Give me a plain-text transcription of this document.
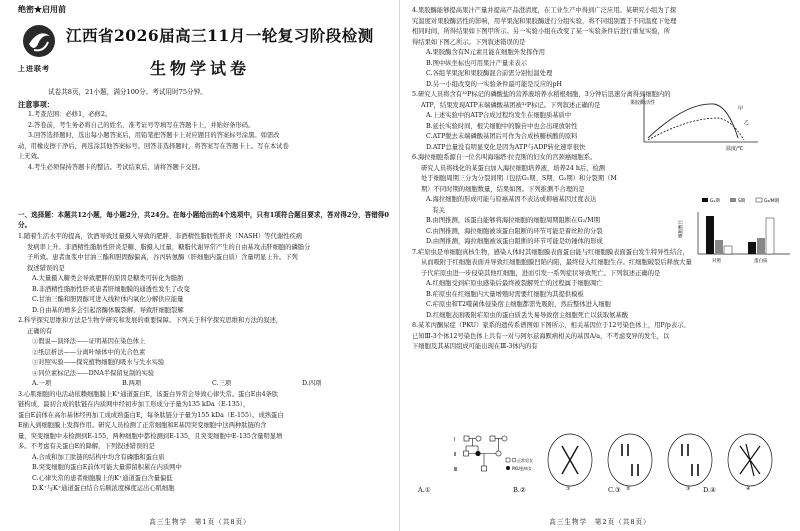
绝密★启用前
上进联考
江西省2026届高三11月一轮复习阶段检测
生物学试卷
试卷共8页，21小题，满分100分。考试用时75分钟。
注意事项：
1.考查范围：必修1，必修2。
2.答卷前，考生务必将自己的姓名、准考证号等填写在答题卡上，并贴好条形码。
3.回答选择题时，选出每小题答案后，用铅笔把答题卡上对应题目的答案标号涂黑。如需改
动，用橡皮擦干净后，再选涂其他答案标号。回答非选择题时，将答案写在答题卡上。写在本试卷
上无效。
4.考生必须保持答题卡的整洁。考试结束后，请将答题卡交回。
一、选择题：本题共12小题，每小题2分，共24分。在每小题给出的4个选项中，只有1项符合题目要求，答对得2分，答错得0分。
1.随着生活水平的提高，饮酒导致过量摄入导致的肥胖、非酒精性脂肪性肝炎（NASH）等代谢性疾病
发病率上升。非酒精性脂肪性肝炎是糖、脂摄入过量，糖脂代谢异常产生的自由基攻击肝细胞的磷脂分
子所致。患者血浆中甘油三酯和胆固醇偏高，谷丙转氨酶（肝细胞内蛋白质）含量明显上升。下列
叙述错误的是
A.大量摄入糖类会导致肥胖的原因是糖类可转化为脂肪
B.非酒精性脂肪性肝炎患者肝细胞膜的通透性发生了改变
C.甘油三酯和胆固醇可进入线粒体内氧化分解供应能量
D.自由基的增多会引起溶酶体膜裂解，导致肝细胞裂解
2.科学探究思维和方法是生物学研究和发展的重要保障。下列关于科学探究思维和方法的叙述，
正确的有
①假说—演绎法——证明基因在染色体上
②纸层析法——分离叶绿体中的光合色素
③对照实验——探究植物细胞的吸水与失水实验
④同位素标记法——DNA半保留复制的实验
A.一项	B.两项	C.三项	D.四项
3.心肌细胞的电活动依赖细胞膜上K⁺通道蛋白E，该蛋白异常会导致心律失常。蛋白E由4条肽
链构成，最初合成的肽链在内质网中经初步加工形成分子量为135 kDa（E-135），
蛋白E前体在高尔基体经再加工成成熟蛋白E，每条肽链分子量为155 kDa（E-155）。成熟蛋白
E插入到细胞膜上发挥作用。研究人员检测了正常细胞和E基因突变细胞中这两种肽链的含
量，突变细胞中未检测到E-155，两种细胞中都检测到E-135，且突变细胞中E-135含量明显增
多。不考虑有关蛋白E的降解，下列叙述错误的是
A.合成和加工肽链的结构中均含有磷脂和蛋白质
B.突变细胞的蛋白E前体可能大量滞留积累在内质网中
C.心律失常的患者细胞膜上的K⁺通道蛋白含量偏低
D.K⁺与K⁺通道蛋白结合后顺浓度梯度运出心肌细胞
高三生物学　第1页（共8页）
4.果胶酶能够提高果汁产量并提高产品澄清度，在工业生产中得到广泛应用。某研究小组为了探
究温度对果胶酶活性的影响，用苹果泥和果胶酶进行分组实验，将不同组别置于不同温度下处理
相同时间，所得结果如下图甲所示。另一实验小组在改变了某一实验条件后进行重复实验，所
得结果如下图乙所示。下列叙述错误的是
A.果胶酶含有N元素且能在细胞外发挥作用
B.图中纵坐标也可用果汁产量来表示
C.各组苹果泥和果胶酶混合前需分别恒温处理
D.另一小组改变的一实验条件最可能是反应的pH
5.研究人员将含有³²P标记的磷酸盐的营养液培养水稻根细胞，3分钟后迅速分离得到细胞内的
ATP，结果发现ATP末端磷酸基团被³²P标记。下列叙述正确的是
A.上述实验中的ATP合成过程均发生在细胞质基质中
B.延长实验时间，根尖细胞中的腺苷中也会出现放射性
C.ATP脱去末端磷酸基团后可作为合成核糖核酸的原料
D.ATP总量没有明显变化是因为ATP与ADP转化速率很快
6.海拉细胞系源自一位名叫海瑞塔·拉克斯的妇女的宫颈癌细胞系。
研究人员将线化的某蛋白加入海拉细胞培养液，培养24 h后，检测
处于细胞周期三分为分裂间期（包括G₁期、S期、G₂期）和分裂期（M
期）不同时期的细胞数量，结果如图。下列推测不合理的是
A.海拉细胞的形成可能与原癌基因不表达或抑癌基因过度表达
　有关
B.由图推测，该蛋白能够将海拉细胞的细胞周期阻断在G₂/M期
C.由图推测，海拉细胞被该蛋白阻断的环节可能是着丝粒的分裂
D.由图推测，海拉细胞被该蛋白阻断的环节可能是纺锤体的形成
7.疟原虫是单细胞真核生物，感染人体时其细胞膜表面蛋白能与红细胞膜表面蛋白发生特异性结合，
从而吸附于红细胞表面并导致红细胞胞膜凹陷内陷，最终侵入红细胞生存。红细胞破裂后释放大量
子代疟原虫进一步侵染其他红细胞，进而引发一系列症状导致死亡。下列叙述正确的是
A.红细胞受到疟原虫感染后最终被裂解死亡的过程属于细胞凋亡
B.疟原虫在红细胞内大量增殖时需要红细胞为其提供模板
C.疟原虫和T2噬菌体侵染宿主细胞都需先吸附，然后整体进入细胞
D.红细胞表面吸附疟原虫的蛋白质丢失易导致宿主细胞死亡以获取氨基酸
8.某苯丙酮尿症（PKU）家系的遗传系谱图如下图所示，相关基因位于12号染色体上，用P/p表示。
已知Ⅲ-3个体12号染色体上共有一对与阿尔兹海默病相关的基因A/a，不考虑变异的发生，以
下细胞及其基因组成可能出现在Ⅲ-3体内的有
果胶酶活性
温度/℃
甲
乙
细胞数目
G₁期	S期	G₂/M期
对照	蛋白质
Ⅰ
Ⅱ
Ⅲ
正常男女
PKU患病女
①	②	③	④
A.①	B.②	C.③	D.④
高三生物学　第2页（共8页）
